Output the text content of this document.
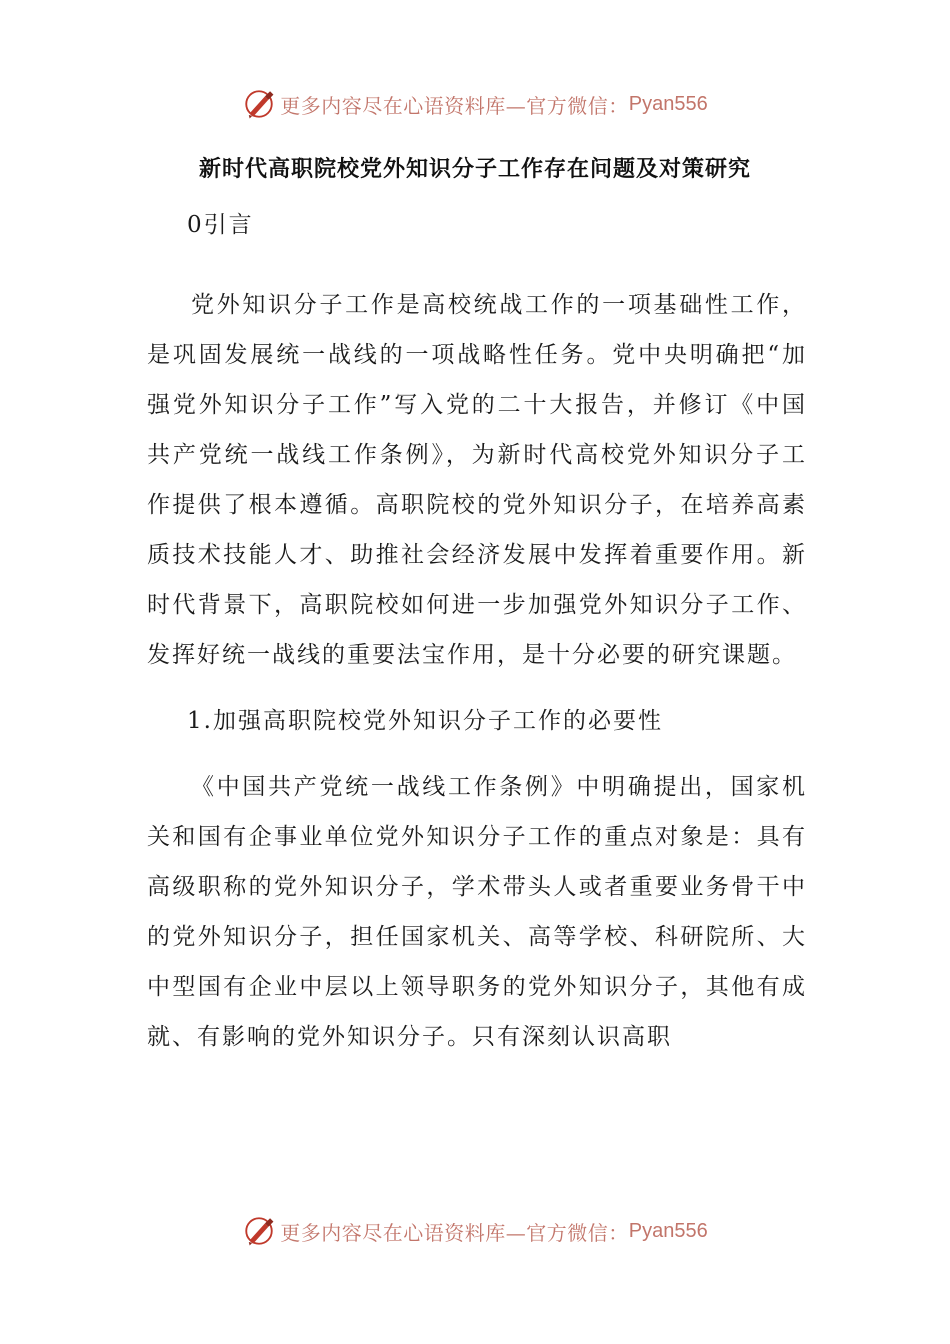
更多内容尽在心语资料库—官方微信： Pyan556
新时代高职院校党外知识分子工作存在问题及对策研究

0引言

党外知识分子工作是高校统战工作的一项基础性工作，是巩固发展统一战线的一项战略性任务。党中央明确把“加强党外知识分子工作”写入党的二十大报告，并修订《中国共产党统一战线工作条例》，为新时代高校党外知识分子工作提供了根本遵循。高职院校的党外知识分子，在培养高素质技术技能人才、助推社会经济发展中发挥着重要作用。新时代背景下，高职院校如何进一步加强党外知识分子工作、发挥好统一战线的重要法宝作用，是十分必要的研究课题。

1.加强高职院校党外知识分子工作的必要性

《中国共产党统一战线工作条例》中明确提出，国家机关和国有企事业单位党外知识分子工作的重点对象是：具有高级职称的党外知识分子，学术带头人或者重要业务骨干中的党外知识分子，担任国家机关、高等学校、科研院所、大中型国有企业中层以上领导职务的党外知识分子，其他有成就、有影响的党外知识分子。只有深刻认识高职

更多内容尽在心语资料库—官方微信： Pyan556
